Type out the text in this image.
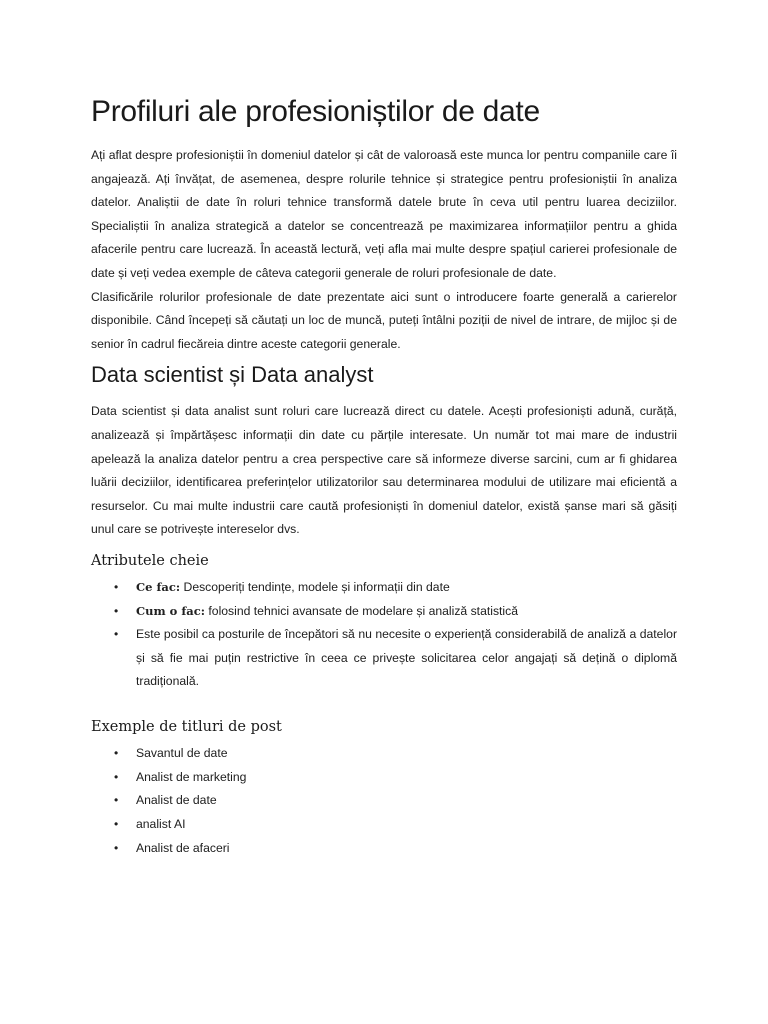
Profiluri ale profesioniștilor de date

Ați aflat despre profesioniștii în domeniul datelor și cât de valoroasă este munca lor pentru companiile care îi angajează. Ați învățat, de asemenea, despre rolurile tehnice și strategice pentru profesioniștii în analiza datelor. Analiștii de date în roluri tehnice transformă datele brute în ceva util pentru luarea deciziilor. Specialiștii în analiza strategică a datelor se concentrează pe maximizarea informațiilor pentru a ghida afacerile pentru care lucrează. În această lectură, veți afla mai multe despre spațiul carierei profesionale de date și veți vedea exemple de câteva categorii generale de roluri profesionale de date.

Clasificările rolurilor profesionale de date prezentate aici sunt o introducere foarte generală a carierelor disponibile. Când începeți să căutați un loc de muncă, puteți întâlni poziții de nivel de intrare, de mijloc și de senior în cadrul fiecăreia dintre aceste categorii generale.

Data scientist și Data analyst

Data scientist și data analist sunt roluri care lucrează direct cu datele. Acești profesioniști adună, curăță, analizează și împărtășesc informații din date cu părțile interesate. Un număr tot mai mare de industrii apelează la analiza datelor pentru a crea perspective care să informeze diverse sarcini, cum ar fi ghidarea luării deciziilor, identificarea preferințelor utilizatorilor sau determinarea modului de utilizare mai eficientă a resurselor. Cu mai multe industrii care caută profesioniști în domeniul datelor, există șanse mari să găsiți unul care se potrivește intereselor dvs.

Atributele cheie
• Ce fac: Descoperiți tendințe, modele și informații din date
• Cum o fac: folosind tehnici avansate de modelare și analiză statistică
• Este posibil ca posturile de începători să nu necesite o experiență considerabilă de analiză a datelor și să fie mai puțin restrictive în ceea ce privește solicitarea celor angajați să dețină o diplomă tradițională.
Exemple de titluri de post
• Savantul de date
• Analist de marketing
• Analist de date
• analist AI
• Analist de afaceri
